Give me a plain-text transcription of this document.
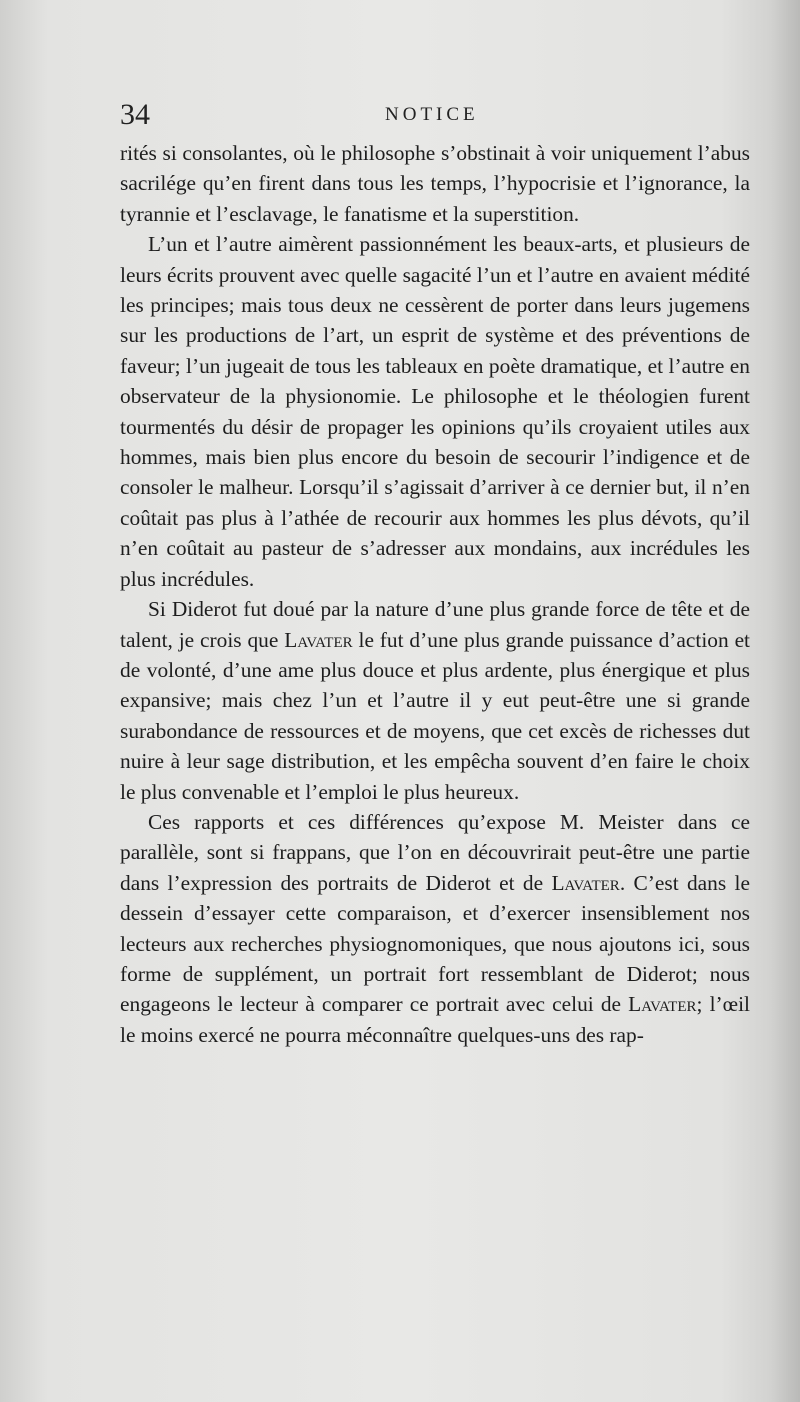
34	NOTICE

rités si consolantes, où le philosophe s’obstinait à voir uniquement l’abus sacrilége qu’en firent dans tous les temps, l’hypocrisie et l’ignorance, la tyrannie et l’esclavage, le fanatisme et la superstition.

L’un et l’autre aimèrent passionnément les beaux-arts, et plusieurs de leurs écrits prouvent avec quelle sagacité l’un et l’autre en avaient médité les principes; mais tous deux ne cessèrent de porter dans leurs jugemens sur les productions de l’art, un esprit de système et des préventions de faveur; l’un jugeait de tous les tableaux en poète dramatique, et l’autre en observateur de la physionomie. Le philosophe et le théologien furent tourmentés du désir de propager les opinions qu’ils croyaient utiles aux hommes, mais bien plus encore du besoin de secourir l’indigence et de consoler le malheur. Lorsqu’il s’agissait d’arriver à ce dernier but, il n’en coûtait pas plus à l’athée de recourir aux hommes les plus dévots, qu’il n’en coûtait au pasteur de s’adresser aux mondains, aux incrédules les plus incrédules.

Si Diderot fut doué par la nature d’une plus grande force de tête et de talent, je crois que Lavater le fut d’une plus grande puissance d’action et de volonté, d’une ame plus douce et plus ardente, plus énergique et plus expansive; mais chez l’un et l’autre il y eut peut-être une si grande surabondance de ressources et de moyens, que cet excès de richesses dut nuire à leur sage distribution, et les empêcha souvent d’en faire le choix le plus convenable et l’emploi le plus heureux.

Ces rapports et ces différences qu’expose M. Meister dans ce parallèle, sont si frappans, que l’on en découvrirait peut-être une partie dans l’expression des portraits de Diderot et de Lavater. C’est dans le dessein d’essayer cette comparaison, et d’exercer insensiblement nos lecteurs aux recherches physiognomoniques, que nous ajoutons ici, sous forme de supplément, un portrait fort ressemblant de Diderot; nous engageons le lecteur à comparer ce portrait avec celui de Lavater; l’œil le moins exercé ne pourra méconnaître quelques-uns des rap-
